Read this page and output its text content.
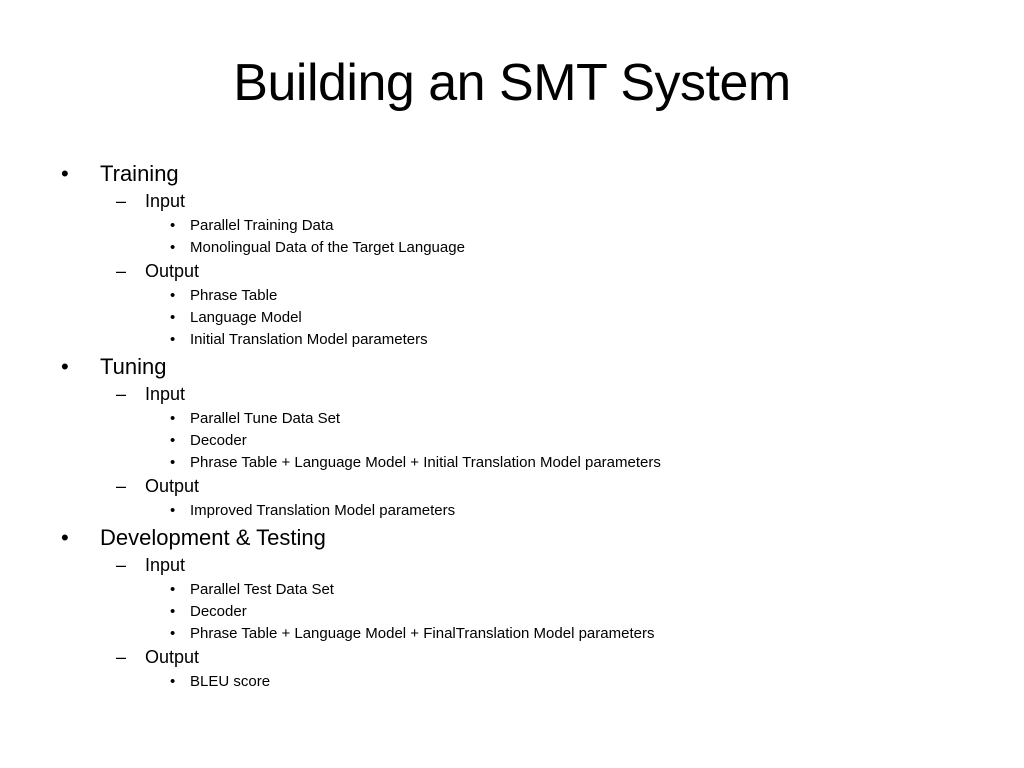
Building an SMT System
• Training
– Input
• Parallel Training Data
• Monolingual Data of the Target Language
– Output
• Phrase Table
• Language Model
• Initial Translation Model parameters
• Tuning
– Input
• Parallel Tune Data Set
• Decoder
• Phrase Table + Language Model + Initial Translation Model parameters
– Output
• Improved Translation Model parameters
• Development & Testing
– Input
• Parallel Test Data Set
• Decoder
• Phrase Table + Language Model + FinalTranslation Model parameters
– Output
• BLEU score
